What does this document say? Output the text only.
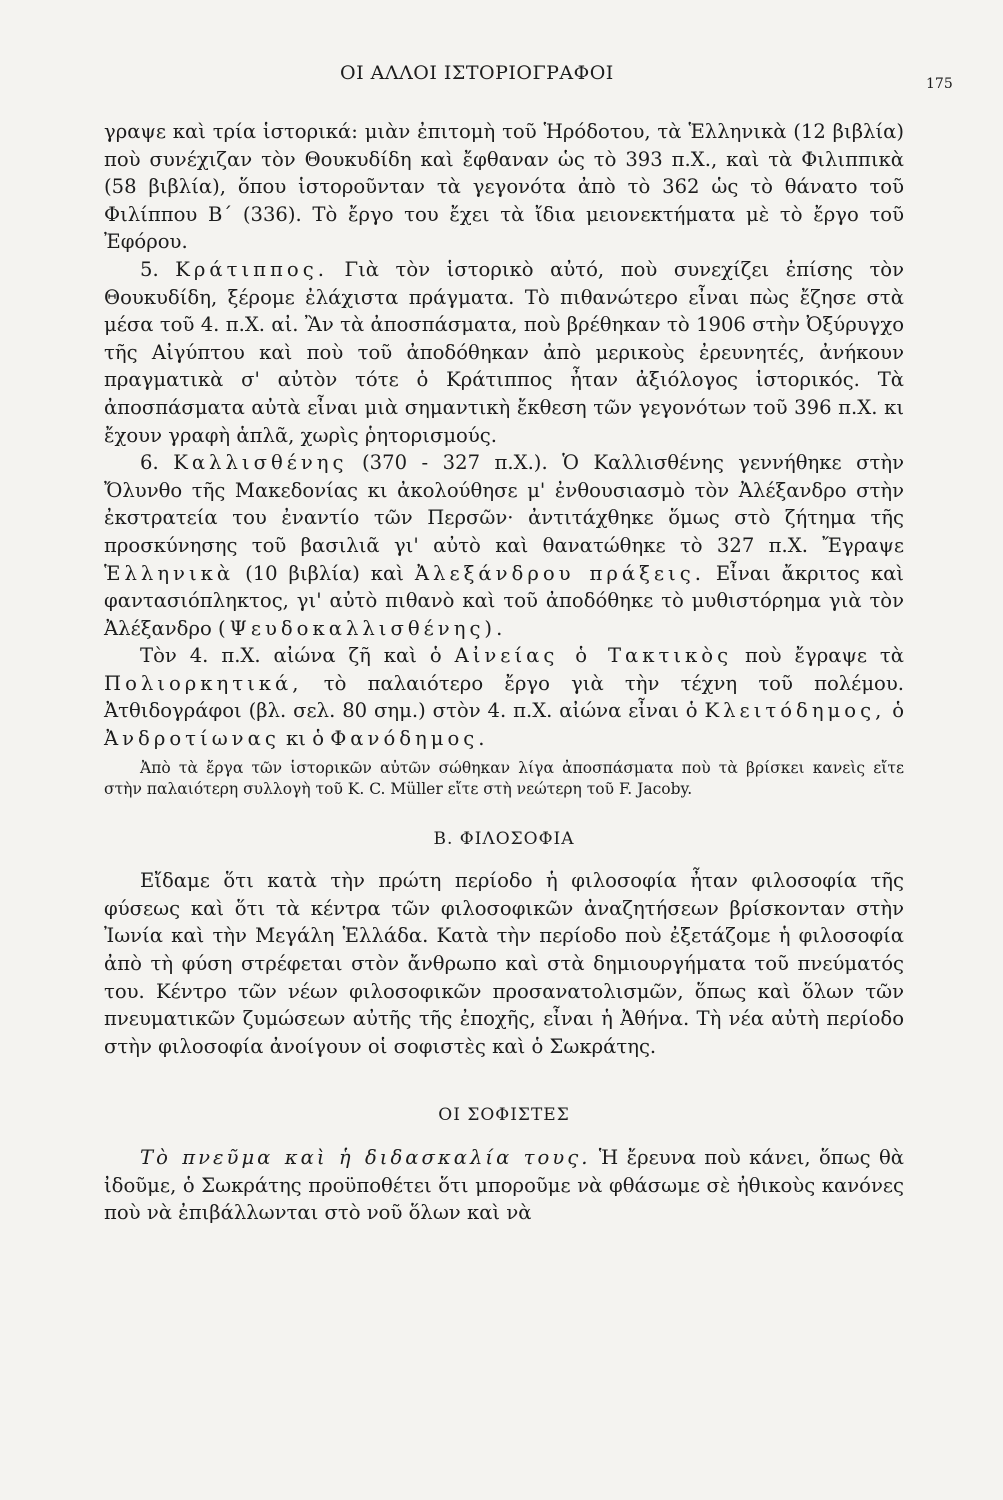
ΟΙ ΑΛΛΟΙ ΙΣΤΟΡΙΟΓΡΑΦΟΙ	175

γραψε καὶ τρία ἱστορικά: μιὰν ἐπιτομὴ τοῦ Ἡρόδοτου, τὰ Ἑλληνικὰ (12 βιβλία) ποὺ συνέχιζαν τὸν Θουκυδίδη καὶ ἔφθαναν ὡς τὸ 393 π.Χ., καὶ τὰ Φιλιππικὰ (58 βιβλία), ὅπου ἱστοροῦνταν τὰ γεγονότα ἀπὸ τὸ 362 ὡς τὸ θάνατο τοῦ Φιλίππου Β΄ (336). Τὸ ἔργο του ἔχει τὰ ἴδια μειονεκτήματα μὲ τὸ ἔργο τοῦ Ἐφόρου.

5. Κράτιππος. Γιὰ τὸν ἱστορικὸ αὐτό, ποὺ συνεχίζει ἐπίσης τὸν Θουκυδίδη, ξέρομε ἐλάχιστα πράγματα. Τὸ πιθανώτερο εἶναι πὼς ἔζησε στὰ μέσα τοῦ 4. π.Χ. αἰ. Ἂν τὰ ἀποσπάσματα, ποὺ βρέθηκαν τὸ 1906 στὴν Ὀξύρυγχο τῆς Αἰγύπτου καὶ ποὺ τοῦ ἀποδόθηκαν ἀπὸ μερικοὺς ἐρευνητές, ἀνήκουν πραγματικὰ σ' αὐτὸν τότε ὁ Κράτιππος ἦταν ἀξιόλογος ἱστορικός. Τὰ ἀποσπάσματα αὐτὰ εἶναι μιὰ σημαντικὴ ἔκθεση τῶν γεγονότων τοῦ 396 π.Χ. κι ἔχουν γραφὴ ἁπλᾶ, χωρὶς ῥητορισμούς.

6. Καλλισθένης (370 - 327 π.Χ.). Ὁ Καλλισθένης γεννήθηκε στὴν Ὄλυνθο τῆς Μακεδονίας κι ἀκολούθησε μ' ἐνθουσιασμὸ τὸν Ἀλέξανδρο στὴν ἐκστρατεία του ἐναντίο τῶν Περσῶν· ἀντιτάχθηκε ὅμως στὸ ζήτημα τῆς προσκύνησης τοῦ βασιλιᾶ γι' αὐτὸ καὶ θανατώθηκε τὸ 327 π.Χ. Ἔγραψε Ἑλληνικὰ (10 βιβλία) καὶ Ἀλεξάνδρου πράξεις. Εἶναι ἄκριτος καὶ φαντασιόπληκτος, γι' αὐτὸ πιθανὸ καὶ τοῦ ἀποδόθηκε τὸ μυθιστόρημα γιὰ τὸν Ἀλέξανδρο (Ψευδοκαλλισθένης).

Τὸν 4. π.Χ. αἰώνα ζῆ καὶ ὁ Αἰνείας ὁ Τακτικὸς ποὺ ἔγραψε τὰ Πολιορκητικά, τὸ παλαιότερο ἔργο γιὰ τὴν τέχνη τοῦ πολέμου. Ἀτθιδογράφοι (βλ. σελ. 80 σημ.) στὸν 4. π.Χ. αἰώνα εἶναι ὁ Κλειτόδημος, ὁ Ἀνδροτίωνας κι ὁ Φανόδημος.

Ἀπὸ τὰ ἔργα τῶν ἱστορικῶν αὐτῶν σώθηκαν λίγα ἀποσπάσματα ποὺ τὰ βρίσκει κανεὶς εἴτε στὴν παλαιότερη συλλογὴ τοῦ K. C. Müller εἴτε στὴ νεώτερη τοῦ F. Jacoby.

Β. ΦΙΛΟΣΟΦΙΑ

Εἴδαμε ὅτι κατὰ τὴν πρώτη περίοδο ἡ φιλοσοφία ἦταν φιλοσοφία τῆς φύσεως καὶ ὅτι τὰ κέντρα τῶν φιλοσοφικῶν ἀναζητήσεων βρίσκονταν στὴν Ἰωνία καὶ τὴν Μεγάλη Ἑλλάδα. Κατὰ τὴν περίοδο ποὺ ἐξετάζομε ἡ φιλοσοφία ἀπὸ τὴ φύση στρέφεται στὸν ἄνθρωπο καὶ στὰ δημιουργήματα τοῦ πνεύματός του. Κέντρο τῶν νέων φιλοσοφικῶν προσανατολισμῶν, ὅπως καὶ ὅλων τῶν πνευματικῶν ζυμώσεων αὐτῆς τῆς ἐποχῆς, εἶναι ἡ Ἀθήνα. Τὴ νέα αὐτὴ περίοδο στὴν φιλοσοφία ἀνοίγουν οἱ σοφιστὲς καὶ ὁ Σωκράτης.

ΟΙ ΣΟΦΙΣΤΕΣ

Τὸ πνεῦμα καὶ ἡ διδασκαλία τους. Ἡ ἔρευνα ποὺ κάνει, ὅπως θὰ ἰδοῦμε, ὁ Σωκράτης προϋποθέτει ὅτι μποροῦμε νὰ φθάσωμε σὲ ἠθικοὺς κανόνες ποὺ νὰ ἐπιβάλλωνται στὸ νοῦ ὅλων καὶ νὰ
